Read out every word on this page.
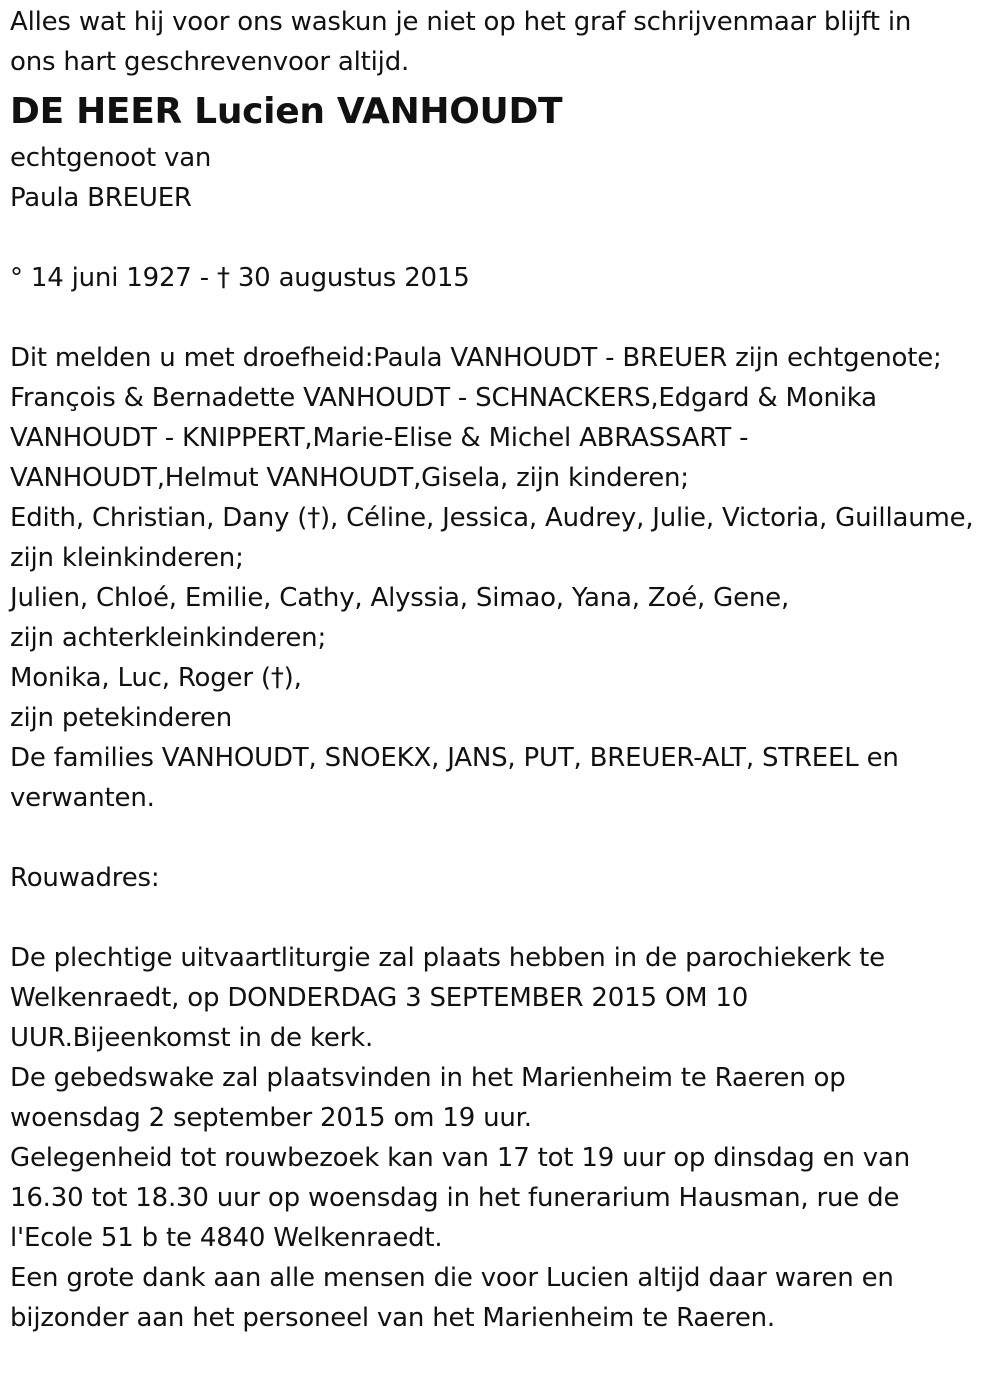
Alles wat hij voor ons waskun je niet op het graf schrijvenmaar blijft in
ons hart geschrevenvoor altijd.
DE HEER Lucien VANHOUDT
echtgenoot van
Paula BREUER
° 14 juni 1927 - † 30 augustus 2015
Dit melden u met droefheid:Paula VANHOUDT - BREUER zijn echtgenote;
François & Bernadette VANHOUDT - SCHNACKERS,Edgard & Monika
VANHOUDT - KNIPPERT,Marie-Elise & Michel ABRASSART -
VANHOUDT,Helmut VANHOUDT,Gisela, zijn kinderen;
Edith, Christian, Dany (†), Céline, Jessica, Audrey, Julie, Victoria, Guillaume,
zijn kleinkinderen;
Julien, Chloé, Emilie, Cathy, Alyssia, Simao, Yana, Zoé, Gene,
zijn achterkleinkinderen;
Monika, Luc, Roger (†),
zijn petekinderen
De families VANHOUDT, SNOEKX, JANS, PUT, BREUER-ALT, STREEL en
verwanten.
Rouwadres:
De plechtige uitvaartliturgie zal plaats hebben in de parochiekerk te
Welkenraedt, op DONDERDAG 3 SEPTEMBER 2015 OM 10
UUR.Bijeenkomst in de kerk.
De gebedswake zal plaatsvinden in het Marienheim te Raeren op
woensdag 2 september 2015 om 19 uur.
Gelegenheid tot rouwbezoek kan van 17 tot 19 uur op dinsdag en van
16.30 tot 18.30 uur op woensdag in het funerarium Hausman, rue de
l'Ecole 51 b te 4840 Welkenraedt.
Een grote dank aan alle mensen die voor Lucien altijd daar waren en
bijzonder aan het personeel van het Marienheim te Raeren.
